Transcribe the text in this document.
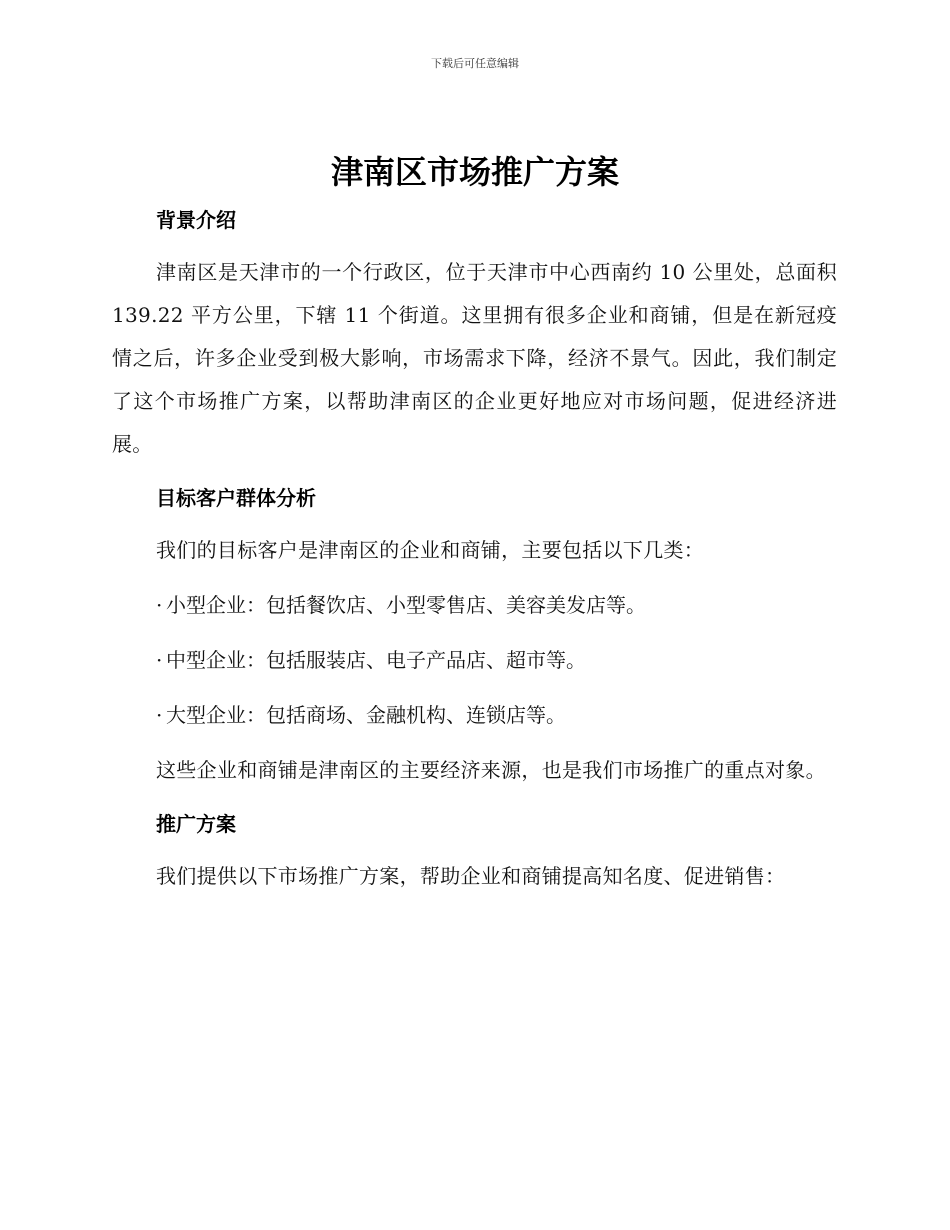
下载后可任意编辑
津南区市场推广方案

背景介绍

津南区是天津市的一个行政区，位于天津市中心西南约 10 公里处，总面积 139.22 平方公里，下辖 11 个街道。这里拥有很多企业和商铺，但是在新冠疫情之后，许多企业受到极大影响，市场需求下降，经济不景气。因此，我们制定了这个市场推广方案，以帮助津南区的企业更好地应对市场问题，促进经济进展。

目标客户群体分析

我们的目标客户是津南区的企业和商铺，主要包括以下几类：

· 小型企业：包括餐饮店、小型零售店、美容美发店等。

· 中型企业：包括服装店、电子产品店、超市等。

· 大型企业：包括商场、金融机构、连锁店等。

这些企业和商铺是津南区的主要经济来源，也是我们市场推广的重点对象。

推广方案

我们提供以下市场推广方案，帮助企业和商铺提高知名度、促进销售：
